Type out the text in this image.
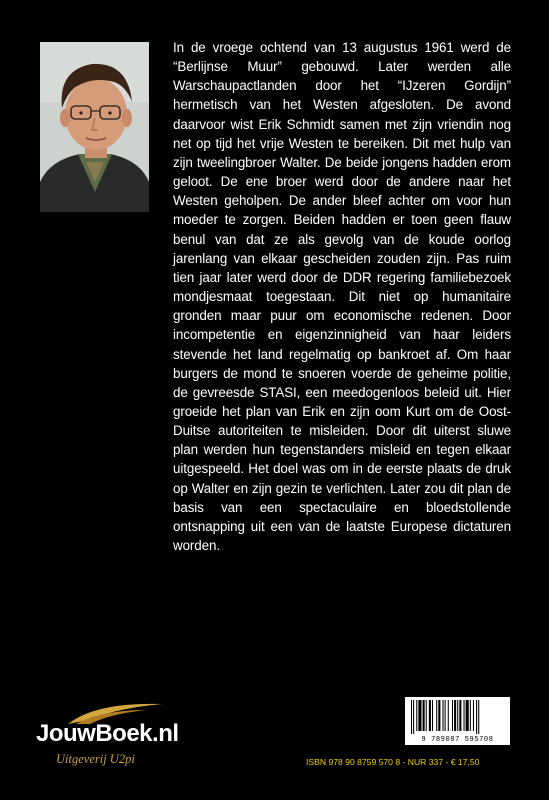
In de vroege ochtend van 13 augustus 1961 werd de “Berlijnse Muur” gebouwd. Later werden alle Warschaupactlanden door het “IJzeren Gordijn” hermetisch van het Westen afgesloten. De avond daarvoor wist Erik Schmidt samen met zijn vriendin nog net op tijd het vrije Westen te bereiken. Dit met hulp van zijn tweelingbroer Walter. De beide jongens hadden erom geloot. De ene broer werd door de andere naar het Westen geholpen. De ander bleef achter om voor hun moeder te zorgen. Beiden hadden er toen geen flauw benul van dat ze als gevolg van de koude oorlog jarenlang van elkaar gescheiden zouden zijn. Pas ruim tien jaar later werd door de DDR regering familiebezoek mondjesmaat toegestaan. Dit niet op humanitaire gronden maar puur om economische redenen. Door incompetentie en eigenzinnigheid van haar leiders stevende het land regelmatig op bankroet af. Om haar burgers de mond te snoeren voerde de geheime politie, de gevreesde STASI, een meedogenloos beleid uit. Hier groeide het plan van Erik en zijn oom Kurt om de Oost-Duitse autoriteiten te misleiden. Door dit uiterst sluwe plan werden hun tegenstanders misleid en tegen elkaar uitgespeeld. Het doel was om in de eerste plaats de druk op Walter en zijn gezin te verlichten. Later zou dit plan de basis van een spectaculaire en bloedstollende ontsnapping uit een van de laatste Europese dictaturen worden.

JouwBoek.nl
Uitgeverij U2pi
9 789087 595708
ISBN 978 90 8759 570 8 - NUR 337 - € 17,50
